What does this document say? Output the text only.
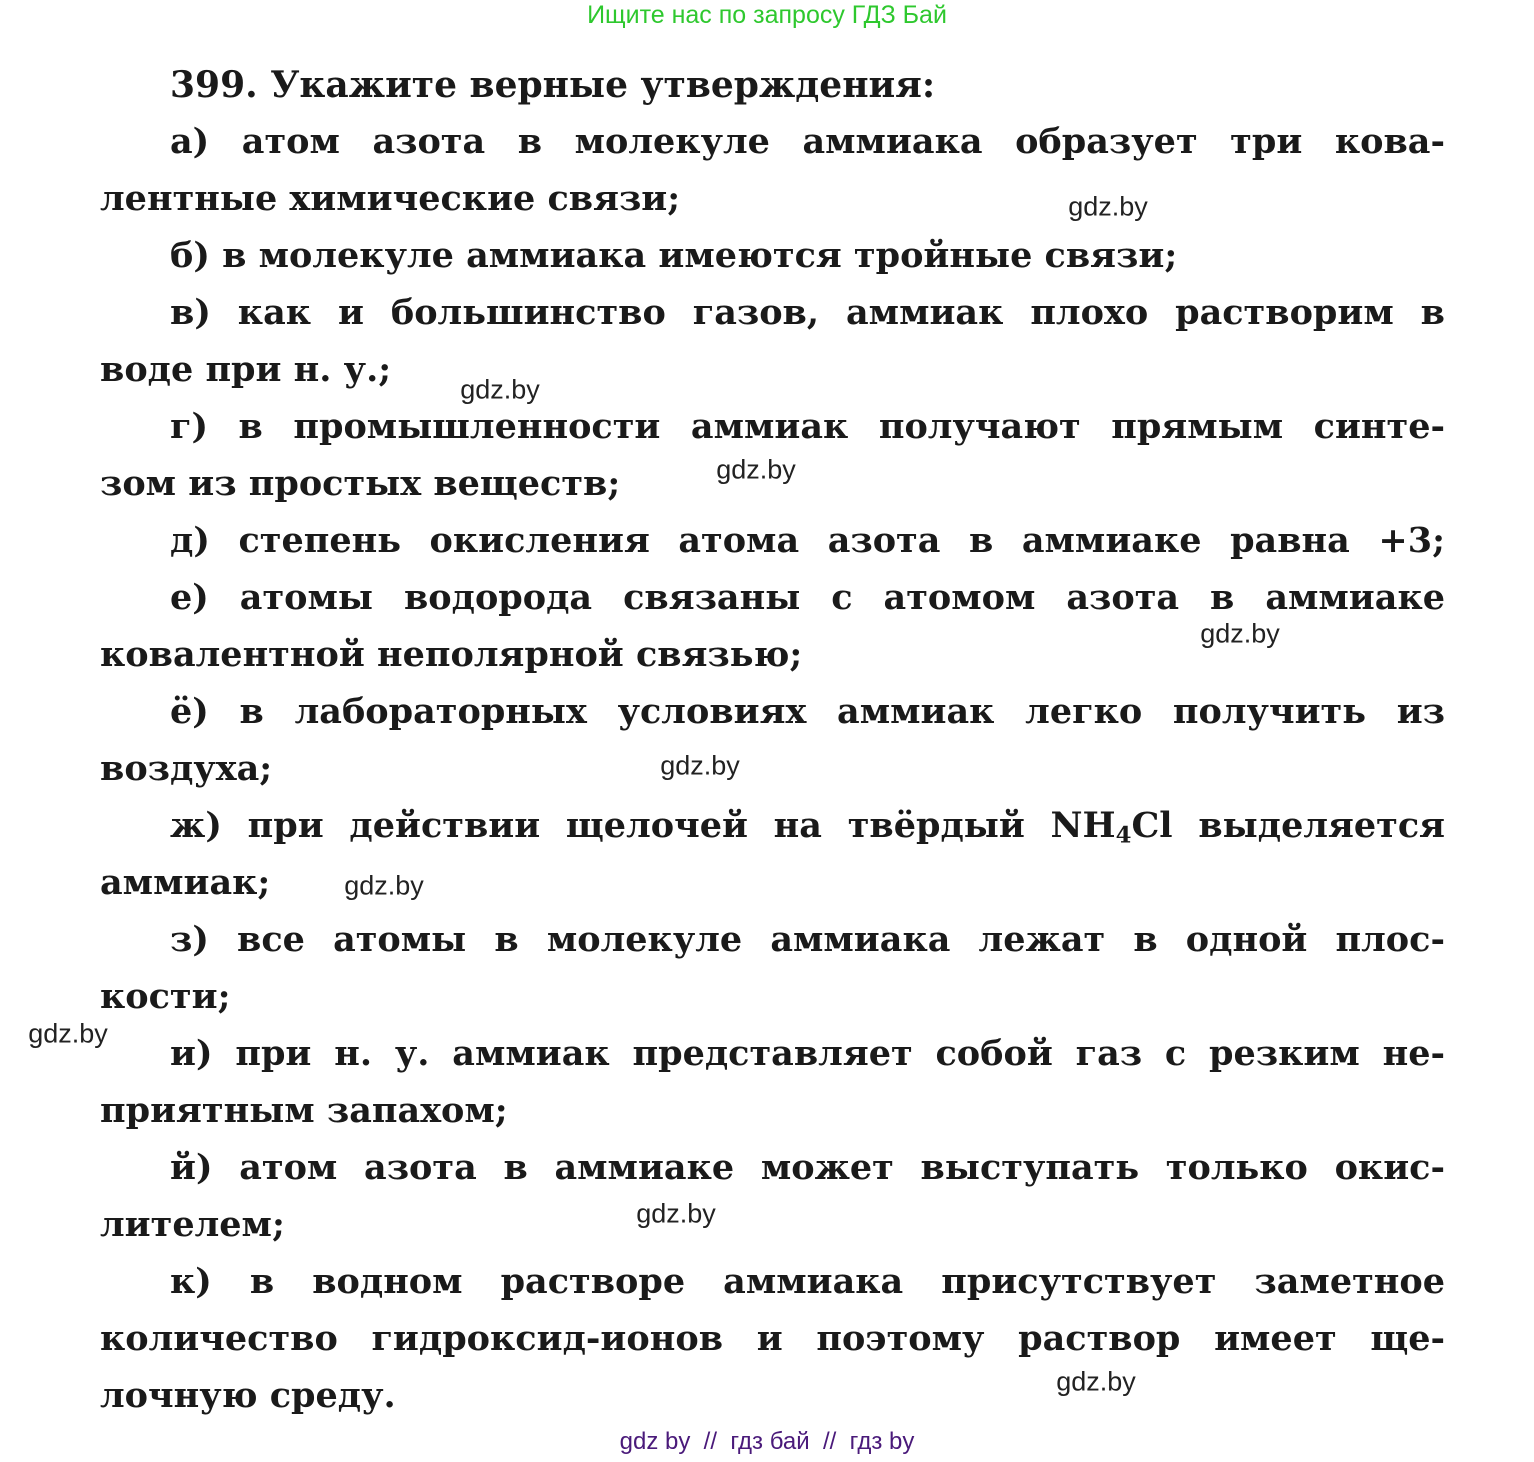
Ищите нас по запросу ГДЗ Бай
399. Укажите верные утверждения:
а) атом азота в молекуле аммиака образует три кова-
лентные химические связи;
б) в молекуле аммиака имеются тройные связи;
в) как и большинство газов, аммиак плохо растворим в
воде при н. у.;
г) в промышленности аммиак получают прямым синте-
зом из простых веществ;
д) степень окисления атома азота в аммиаке равна +3;
е) атомы водорода связаны с атомом азота в аммиаке
ковалентной неполярной связью;
ё) в лабораторных условиях аммиак легко получить из
воздуха;
ж) при действии щелочей на твёрдый $NH_4Cl$ выделяется
аммиак;
з) все атомы в молекуле аммиака лежат в одной плос-
кости;
и) при н. у. аммиак представляет собой газ с резким не-
приятным запахом;
й) атом азота в аммиаке может выступать только окис-
лителем;
к) в водном растворе аммиака присутствует заметное
количество гидроксид-ионов и поэтому раствор имеет ще-
лочную среду.
gdz.by
gdz.by
gdz.by
gdz.by
gdz.by
gdz.by
gdz.by
gdz.by
gdz.by
gdz by  //  гдз бай  //  гдз by
